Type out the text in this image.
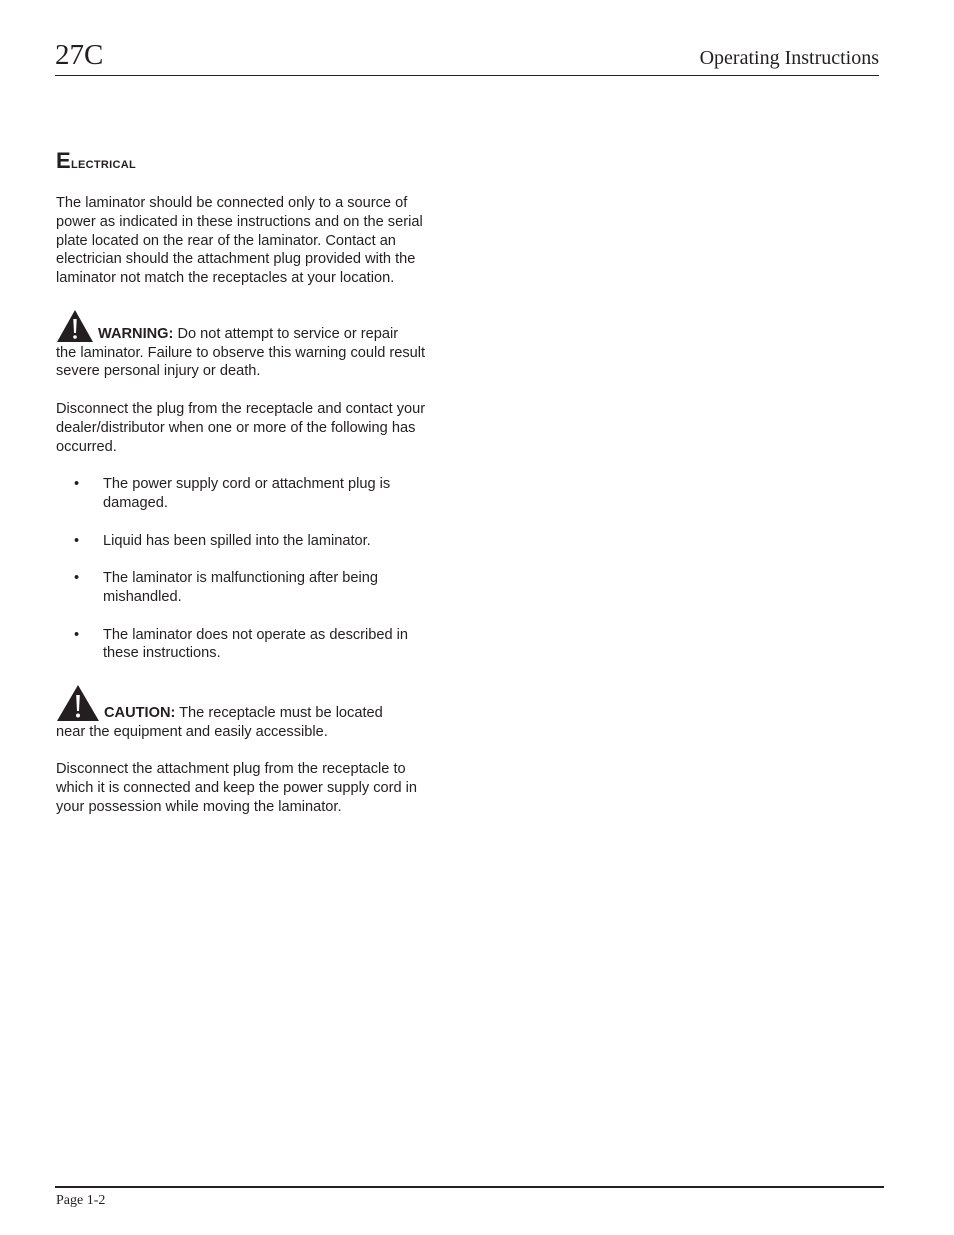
27C	Operating Instructions
Electrical

The laminator should be connected only to a source of power as indicated in these instructions and on the serial plate located on the rear of the laminator. Contact an electrician should the attachment plug provided with the laminator not match the receptacles at your location.

WARNING: Do not attempt to service or repair
the laminator. Failure to observe this warning could result severe personal injury or death.

Disconnect the plug from the receptacle and contact your dealer/distributor when one or more of the following has occurred.

• The power supply cord or attachment plug is damaged.
• Liquid has been spilled into the laminator.
• The laminator is malfunctioning after being mishandled.
• The laminator does not operate as described in these instructions.

CAUTION: The receptacle must be located
near the equipment and easily accessible.

Disconnect the attachment plug from the receptacle to which it is connected and keep the power supply cord in your possession while moving the laminator.

Page 1-2
